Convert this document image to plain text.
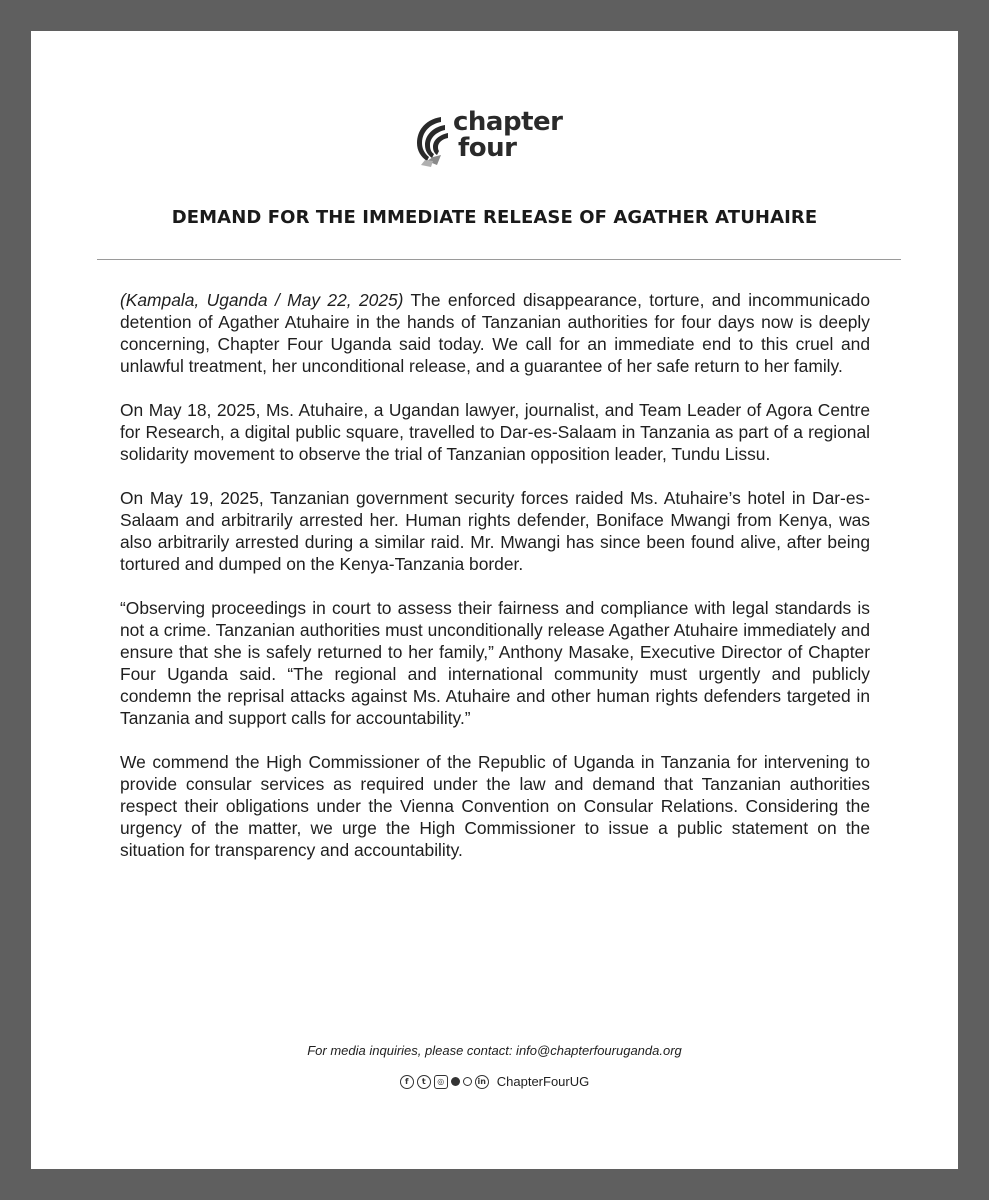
chapter
four
DEMAND FOR THE IMMEDIATE RELEASE OF AGATHER ATUHAIRE

(Kampala, Uganda / May 22, 2025) The enforced disappearance, torture, and incommunicado detention of Agather Atuhaire in the hands of Tanzanian authorities for four days now is deeply concerning, Chapter Four Uganda said today. We call for an immediate end to this cruel and unlawful treatment, her unconditional release, and a guarantee of her safe return to her family.

On May 18, 2025, Ms. Atuhaire, a Ugandan lawyer, journalist, and Team Leader of Agora Centre for Research, a digital public square, travelled to Dar-es-Salaam in Tanzania as part of a regional solidarity movement to observe the trial of Tanzanian opposition leader, Tundu Lissu.

On May 19, 2025, Tanzanian government security forces raided Ms. Atuhaire’s hotel in Dar-es-Salaam and arbitrarily arrested her. Human rights defender, Boniface Mwangi from Kenya, was also arbitrarily arrested during a similar raid. Mr. Mwangi has since been found alive, after being tortured and dumped on the Kenya-Tanzania border.

“Observing proceedings in court to assess their fairness and compliance with legal standards is not a crime. Tanzanian authorities must unconditionally release Agather Atuhaire immediately and ensure that she is safely returned to her family,” Anthony Masake, Executive Director of Chapter Four Uganda said. “The regional and international community must urgently and publicly condemn the reprisal attacks against Ms. Atuhaire and other human rights defenders targeted in Tanzania and support calls for accountability.”

We commend the High Commissioner of the Republic of Uganda in Tanzania for intervening to provide consular services as required under the law and demand that Tanzanian authorities respect their obligations under the Vienna Convention on Consular Relations. Considering the urgency of the matter, we urge the High Commissioner to issue a public statement on the situation for transparency and accountability.

For media inquiries, please contact: info@chapterfouruganda.org
f	t	◎	in ChapterFourUG
